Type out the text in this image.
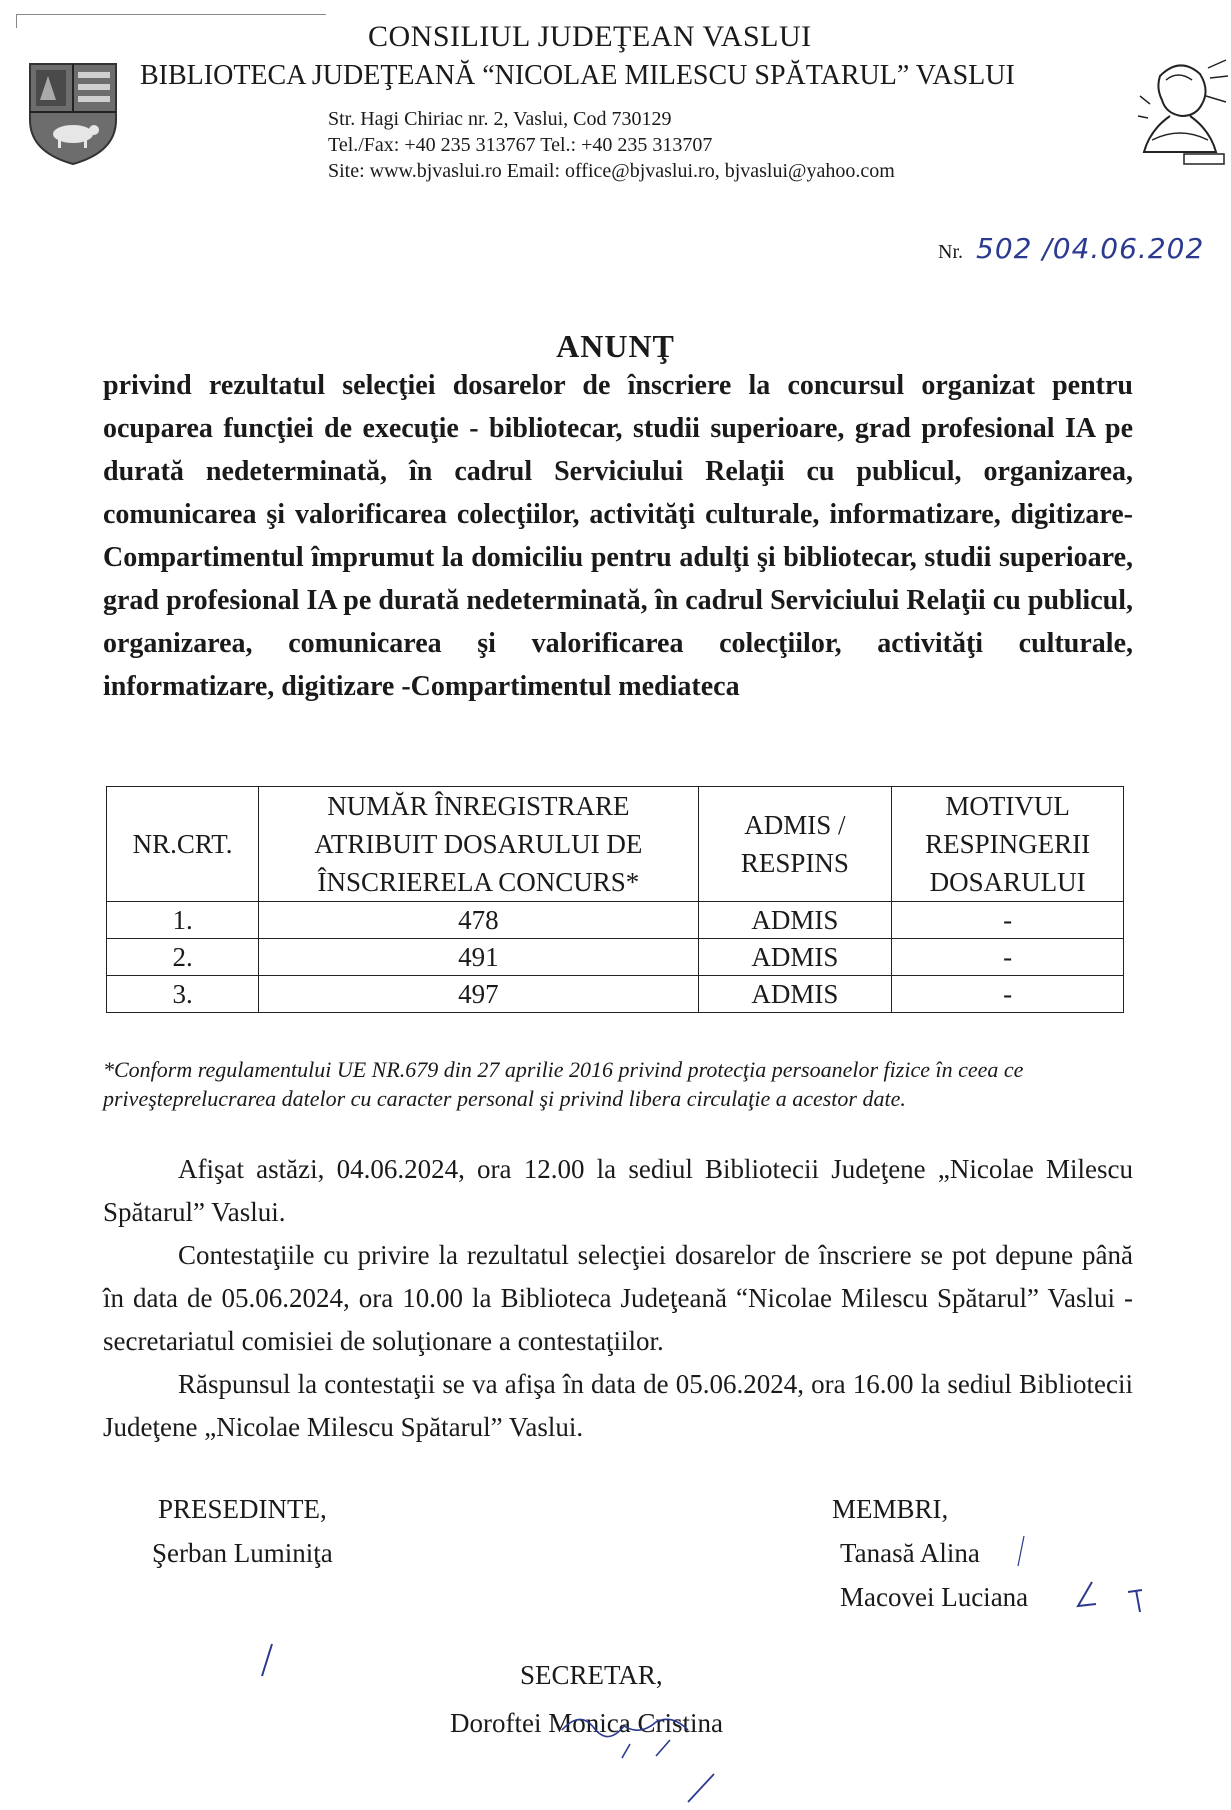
CONSILIUL JUDEŢEAN VASLUI
BIBLIOTECA JUDEŢEANĂ “NICOLAE MILESCU SPĂTARUL” VASLUI
Str. Hagi Chiriac nr. 2, Vaslui, Cod 730129
Tel./Fax: +40 235 313767 Tel.: +40 235 313707
Site: www.bjvaslui.ro Email: office@bjvaslui.ro, bjvaslui@yahoo.com
Nr. 502 /04.06.202
ANUNŢ
privind rezultatul selecţiei dosarelor de înscriere la concursul organizat pentru ocuparea funcţiei de execuţie - bibliotecar, studii superioare, grad profesional IA pe durată nedeterminată, în cadrul Serviciului Relaţii cu publicul, organizarea, comunicarea şi valorificarea colecţiilor, activităţi culturale, informatizare, digitizare-Compartimentul împrumut la domiciliu pentru adulţi şi bibliotecar, studii superioare, grad profesional IA pe durată nedeterminată, în cadrul Serviciului Relaţii cu publicul, organizarea, comunicarea şi valorificarea colecţiilor, activităţi culturale, informatizare, digitizare -Compartimentul mediateca
NR.CRT.	NUMĂR ÎNREGISTRARE ATRIBUIT DOSARULUI DE ÎNSCRIERELA CONCURS*	ADMIS / RESPINS	MOTIVUL RESPINGERII DOSARULUI
1.	478	ADMIS	-
2.	491	ADMIS	-
3.	497	ADMIS	-
*Conform regulamentului UE NR.679 din 27 aprilie 2016 privind protecţia persoanelor fizice în ceea ce priveşteprelucrarea datelor cu caracter personal şi privind libera circulaţie a acestor date.
Afişat astăzi, 04.06.2024, ora 12.00 la sediul Bibliotecii Judeţene „Nicolae Milescu Spătarul” Vaslui.
Contestaţiile cu privire la rezultatul selecţiei dosarelor de înscriere se pot depune până în data de 05.06.2024, ora 10.00 la Biblioteca Judeţeană “Nicolae Milescu Spătarul” Vaslui - secretariatul comisiei de soluţionare a contestaţiilor.
Răspunsul la contestaţii se va afişa în data de 05.06.2024, ora 16.00 la sediul Bibliotecii Judeţene „Nicolae Milescu Spătarul” Vaslui.
PRESEDINTE,
Şerban Luminiţa
MEMBRI,
Tanasă Alina
Macovei Luciana
SECRETAR,
Doroftei Monica Cristina
